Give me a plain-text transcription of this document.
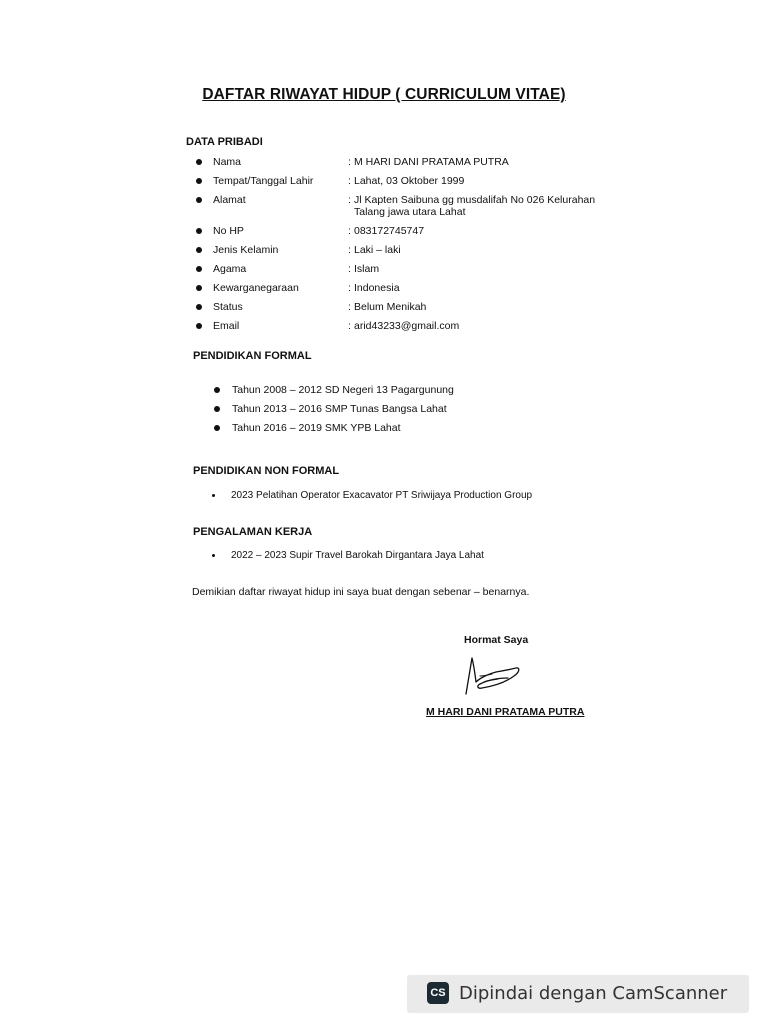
DAFTAR RIWAYAT HIDUP ( CURRICULUM VITAE)
DATA PRIBADI
Nama	: M HARI DANI PRATAMA PUTRA
Tempat/Tanggal Lahir	: Lahat, 03 Oktober 1999
Alamat	: Jl Kapten Saibuna gg musdalifah No 026 Kelurahan Talang jawa utara Lahat
No HP	: 083172745747
Jenis Kelamin	: Laki – laki
Agama	: Islam
Kewarganegaraan	: Indonesia
Status	: Belum Menikah
Email	: arid43233@gmail.com
PENDIDIKAN FORMAL
Tahun 2008 – 2012 SD Negeri 13 Pagargunung
Tahun 2013 – 2016 SMP Tunas Bangsa Lahat
Tahun 2016 – 2019 SMK YPB Lahat
PENDIDIKAN NON FORMAL
2023 Pelatihan Operator Exacavator PT Sriwijaya Production Group
PENGALAMAN KERJA
2022 – 2023 Supir Travel Barokah Dirgantara Jaya Lahat
Demikian daftar riwayat hidup ini saya buat dengan sebenar – benarnya.
Hormat Saya
M HARI DANI PRATAMA PUTRA
CS Dipindai dengan CamScanner
